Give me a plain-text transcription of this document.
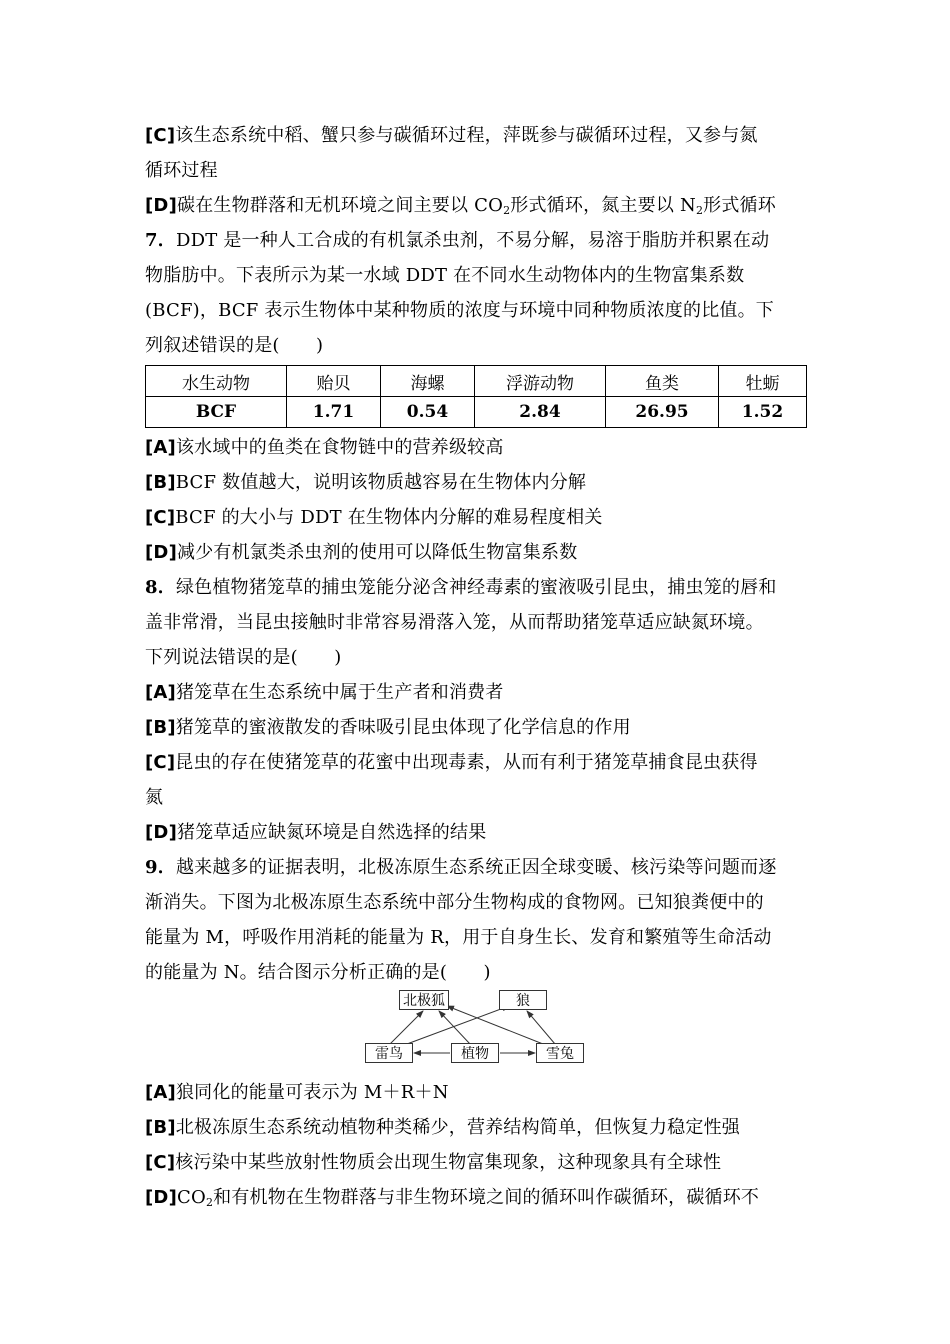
[C]该生态系统中稻、蟹只参与碳循环过程，萍既参与碳循环过程，又参与氮
循环过程
[D]碳在生物群落和无机环境之间主要以 $CO_2$形式循环，氮主要以 $N_2$形式循环
7．DDT 是一种人工合成的有机氯杀虫剂，不易分解，易溶于脂肪并积累在动
物脂肪中。下表所示为某一水域 DDT 在不同水生动物体内的生物富集系数
(BCF)，BCF 表示生物体中某种物质的浓度与环境中同种物质浓度的比值。下
列叙述错误的是(　　)
水生动物	贻贝	海螺	浮游动物	鱼类	牡蛎
BCF	1.71	0.54	2.84	26.95	1.52
[A]该水域中的鱼类在食物链中的营养级较高
[B]BCF 数值越大，说明该物质越容易在生物体内分解
[C]BCF 的大小与 DDT 在生物体内分解的难易程度相关
[D]减少有机氯类杀虫剂的使用可以降低生物富集系数
8．绿色植物猪笼草的捕虫笼能分泌含神经毒素的蜜液吸引昆虫，捕虫笼的唇和
盖非常滑，当昆虫接触时非常容易滑落入笼，从而帮助猪笼草适应缺氮环境。
下列说法错误的是(　　)
[A]猪笼草在生态系统中属于生产者和消费者
[B]猪笼草的蜜液散发的香味吸引昆虫体现了化学信息的作用
[C]昆虫的存在使猪笼草的花蜜中出现毒素，从而有利于猪笼草捕食昆虫获得
氮
[D]猪笼草适应缺氮环境是自然选择的结果
9．越来越多的证据表明，北极冻原生态系统正因全球变暖、核污染等问题而逐
渐消失。下图为北极冻原生态系统中部分生物构成的食物网。已知狼粪便中的
能量为 M，呼吸作用消耗的能量为 R，用于自身生长、发育和繁殖等生命活动
的能量为 N。结合图示分析正确的是(　　)
北极狐	狼
雷鸟	植物	雪兔
[A]狼同化的能量可表示为 M＋R＋N
[B]北极冻原生态系统动植物种类稀少，营养结构简单，但恢复力稳定性强
[C]核污染中某些放射性物质会出现生物富集现象，这种现象具有全球性
$[D]CO_2$和有机物在生物群落与非生物环境之间的循环叫作碳循环，碳循环不
